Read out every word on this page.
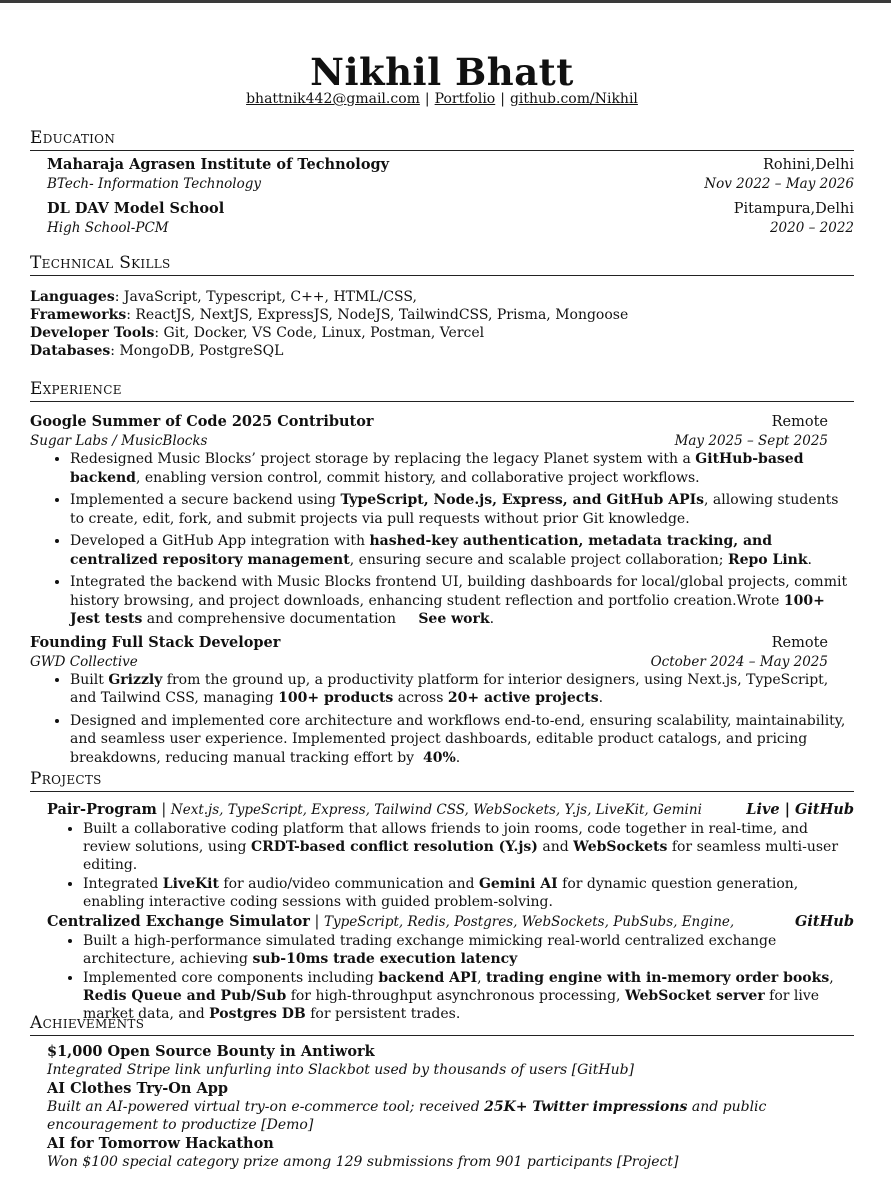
Nikhil Bhatt
bhattnik442@gmail.com | Portfolio | github.com/Nikhil
Education
Maharaja Agrasen Institute of Technology	Rohini,Delhi
BTech- Information Technology	Nov 2022 – May 2026
DL DAV Model School	Pitampura,Delhi
High School-PCM	2020 – 2022
Technical Skills
Languages: JavaScript, Typescript, C++, HTML/CSS,
Frameworks: ReactJS, NextJS, ExpressJS, NodeJS, TailwindCSS, Prisma, Mongoose
Developer Tools: Git, Docker, VS Code, Linux, Postman, Vercel
Databases: MongoDB, PostgreSQL
Experience
Google Summer of Code 2025 Contributor	Remote
Sugar Labs / MusicBlocks	May 2025 – Sept 2025
• Redesigned Music Blocks’ project storage by replacing the legacy Planet system with a GitHub-based backend, enabling version control, commit history, and collaborative project workflows.
• Implemented a secure backend using TypeScript, Node.js, Express, and GitHub APIs, allowing students to create, edit, fork, and submit projects via pull requests without prior Git knowledge.
• Developed a GitHub App integration with hashed-key authentication, metadata tracking, and centralized repository management, ensuring secure and scalable project collaboration; Repo Link.
• Integrated the backend with Music Blocks frontend UI, building dashboards for local/global projects, commit history browsing, and project downloads, enhancing student reflection and portfolio creation.Wrote 100+ Jest tests and comprehensive documentation     See work.
Founding Full Stack Developer	Remote
GWD Collective	October 2024 – May 2025
• Built Grizzly from the ground up, a productivity platform for interior designers, using Next.js, TypeScript, and Tailwind CSS, managing 100+ products across 20+ active projects.
• Designed and implemented core architecture and workflows end-to-end, ensuring scalability, maintainability, and seamless user experience. Implemented project dashboards, editable product catalogs, and pricing breakdowns, reducing manual tracking effort by  40%.
Projects
Pair-Program | Next.js, TypeScript, Express, Tailwind CSS, WebSockets, Y.js, LiveKit, Gemini	Live | GitHub
• Built a collaborative coding platform that allows friends to join rooms, code together in real-time, and review solutions, using CRDT-based conflict resolution (Y.js) and WebSockets for seamless multi-user editing.
• Integrated LiveKit for audio/video communication and Gemini AI for dynamic question generation, enabling interactive coding sessions with guided problem-solving.
Centralized Exchange Simulator | TypeScript, Redis, Postgres, WebSockets, PubSubs, Engine,	GitHub
• Built a high-performance simulated trading exchange mimicking real-world centralized exchange architecture, achieving sub-10ms trade execution latency
• Implemented core components including backend API, trading engine with in-memory order books, Redis Queue and Pub/Sub for high-throughput asynchronous processing, WebSocket server for live market data, and Postgres DB for persistent trades.
Achievements
$1,000 Open Source Bounty in Antiwork
Integrated Stripe link unfurling into Slackbot used by thousands of users [GitHub]
AI Clothes Try-On App
Built an AI-powered virtual try-on e-commerce tool; received 25K+ Twitter impressions and public encouragement to productize [Demo]
AI for Tomorrow Hackathon
Won $100 special category prize among 129 submissions from 901 participants [Project]
